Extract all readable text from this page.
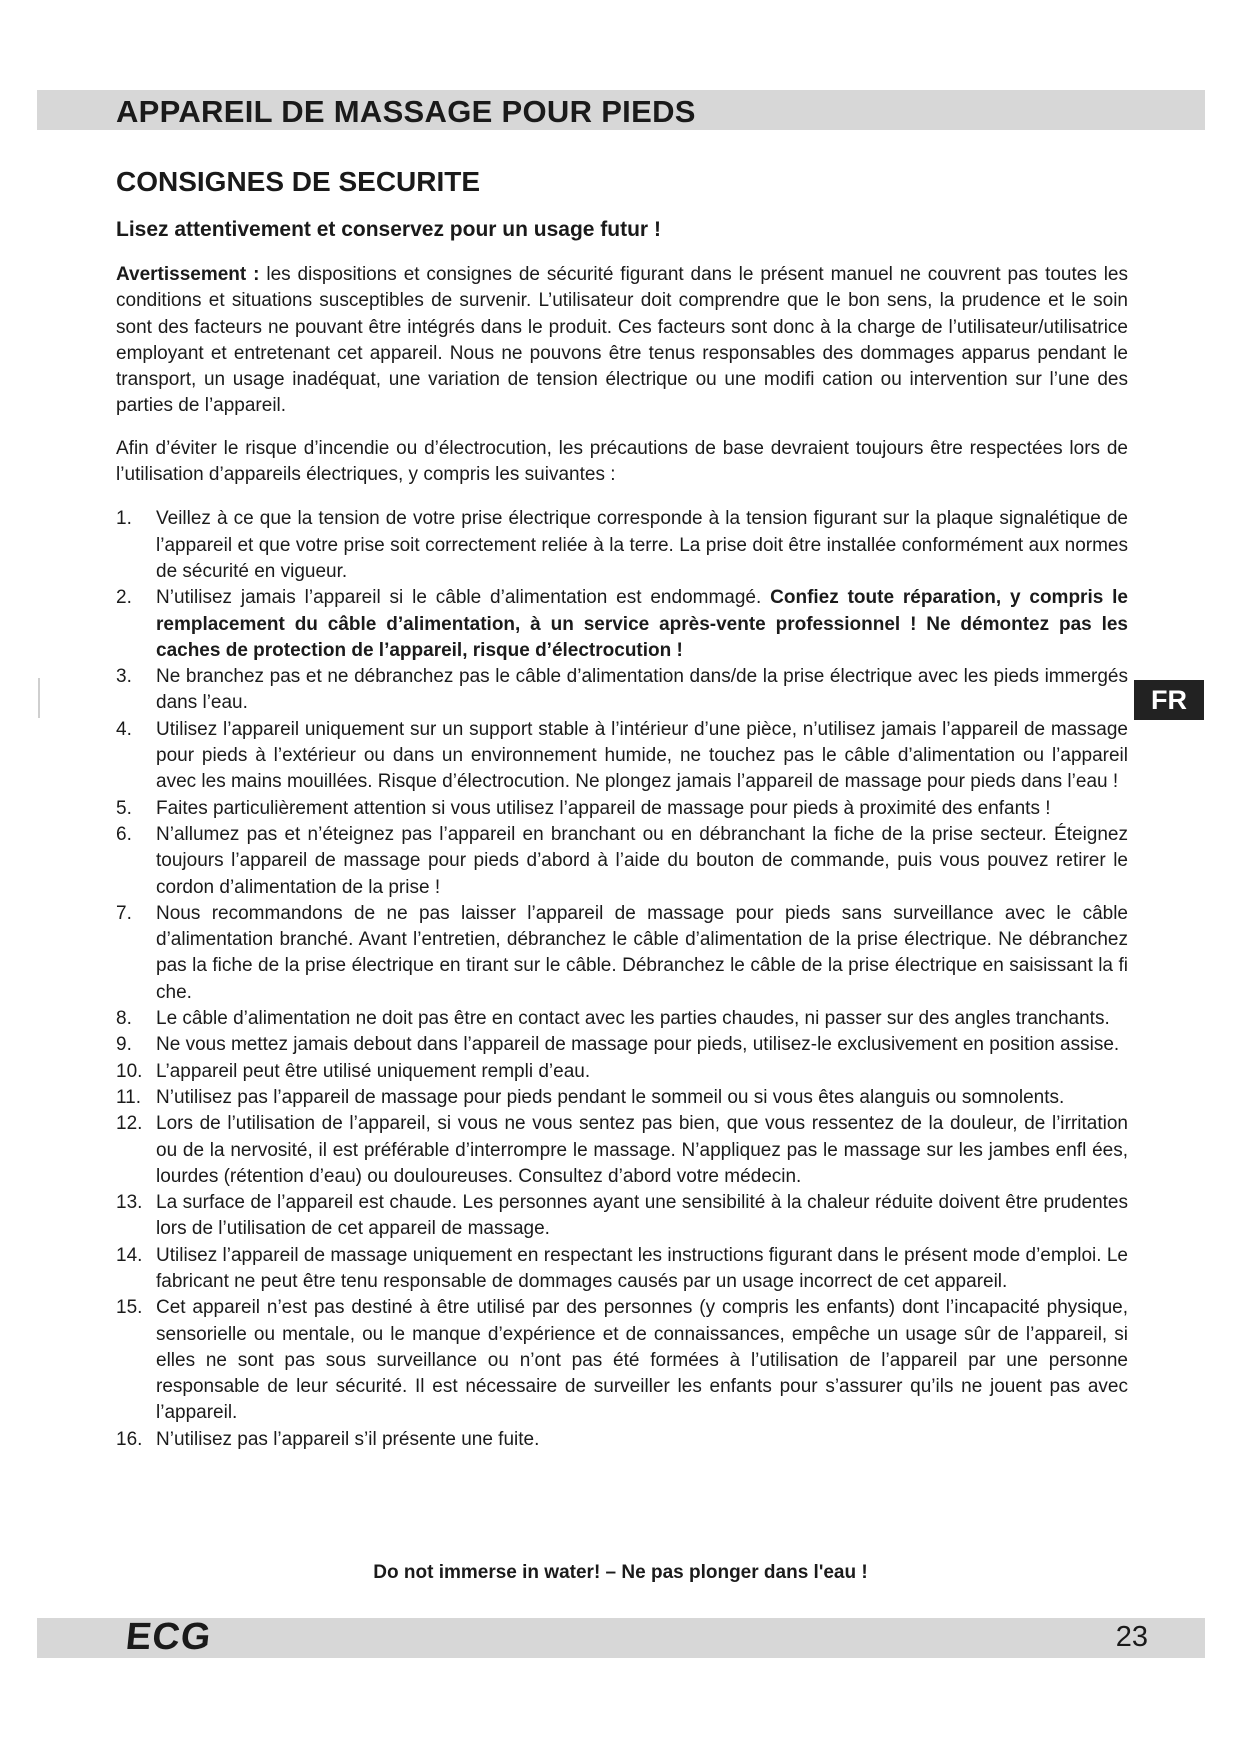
APPAREIL DE MASSAGE POUR PIEDS
CONSIGNES DE SECURITE
Lisez attentivement et conservez pour un usage futur !

Avertissement : les dispositions et consignes de sécurité figurant dans le présent manuel ne couvrent pas toutes les conditions et situations susceptibles de survenir. L’utilisateur doit comprendre que le bon sens, la prudence et le soin sont des facteurs ne pouvant être intégrés dans le produit. Ces facteurs sont donc à la charge de l’utilisateur/utilisatrice employant et entretenant cet appareil. Nous ne pouvons être tenus responsables des dommages apparus pendant le transport, un usage inadéquat, une variation de tension électrique ou une modifi cation ou intervention sur l’une des parties de l’appareil.

Afin d’éviter le risque d’incendie ou d’électrocution, les précautions de base devraient toujours être respectées lors de l’utilisation d’appareils électriques, y compris les suivantes :

1. Veillez à ce que la tension de votre prise électrique corresponde à la tension figurant sur la plaque signalétique de l’appareil et que votre prise soit correctement reliée à la terre. La prise doit être installée conformément aux normes de sécurité en vigueur.
2. N’utilisez jamais l’appareil si le câble d’alimentation est endommagé. Confiez toute réparation, y compris le remplacement du câble d’alimentation, à un service après-vente professionnel ! Ne démontez pas les caches de protection de l’appareil, risque d’électrocution !
3. Ne branchez pas et ne débranchez pas le câble d’alimentation dans/de la prise électrique avec les pieds immergés dans l’eau.
4. Utilisez l’appareil uniquement sur un support stable à l’intérieur d’une pièce, n’utilisez jamais l’appareil de massage pour pieds à l’extérieur ou dans un environnement humide, ne touchez pas le câble d’alimentation ou l’appareil avec les mains mouillées. Risque d’électrocution. Ne plongez jamais l’appareil de massage pour pieds dans l’eau !
5. Faites particulièrement attention si vous utilisez l’appareil de massage pour pieds à proximité des enfants !
6. N’allumez pas et n’éteignez pas l’appareil en branchant ou en débranchant la fiche de la prise secteur. Éteignez toujours l’appareil de massage pour pieds d’abord à l’aide du bouton de commande, puis vous pouvez retirer le cordon d’alimentation de la prise !
7. Nous recommandons de ne pas laisser l’appareil de massage pour pieds sans surveillance avec le câble d’alimentation branché. Avant l’entretien, débranchez le câble d’alimentation de la prise électrique. Ne débranchez pas la fiche de la prise électrique en tirant sur le câble. Débranchez le câble de la prise électrique en saisissant la fi che.
8. Le câble d’alimentation ne doit pas être en contact avec les parties chaudes, ni passer sur des angles tranchants.
9. Ne vous mettez jamais debout dans l’appareil de massage pour pieds, utilisez-le exclusivement en position assise.
10. L’appareil peut être utilisé uniquement rempli d’eau.
11. N’utilisez pas l’appareil de massage pour pieds pendant le sommeil ou si vous êtes alanguis ou somnolents.
12. Lors de l’utilisation de l’appareil, si vous ne vous sentez pas bien, que vous ressentez de la douleur, de l’irritation ou de la nervosité, il est préférable d’interrompre le massage. N’appliquez pas le massage sur les jambes enfl ées, lourdes (rétention d’eau) ou douloureuses. Consultez d’abord votre médecin.
13. La surface de l’appareil est chaude. Les personnes ayant une sensibilité à la chaleur réduite doivent être prudentes lors de l’utilisation de cet appareil de massage.
14. Utilisez l’appareil de massage uniquement en respectant les instructions figurant dans le présent mode d’emploi. Le fabricant ne peut être tenu responsable de dommages causés par un usage incorrect de cet appareil.
15. Cet appareil n’est pas destiné à être utilisé par des personnes (y compris les enfants) dont l’incapacité physique, sensorielle ou mentale, ou le manque d’expérience et de connaissances, empêche un usage sûr de l’appareil, si elles ne sont pas sous surveillance ou n’ont pas été formées à l’utilisation de l’appareil par une personne responsable de leur sécurité. Il est nécessaire de surveiller les enfants pour s’assurer qu’ils ne jouent pas avec l’appareil.
16. N’utilisez pas l’appareil s’il présente une fuite.
Do not immerse in water! – Ne pas plonger dans l'eau !
FR
ECG	23
